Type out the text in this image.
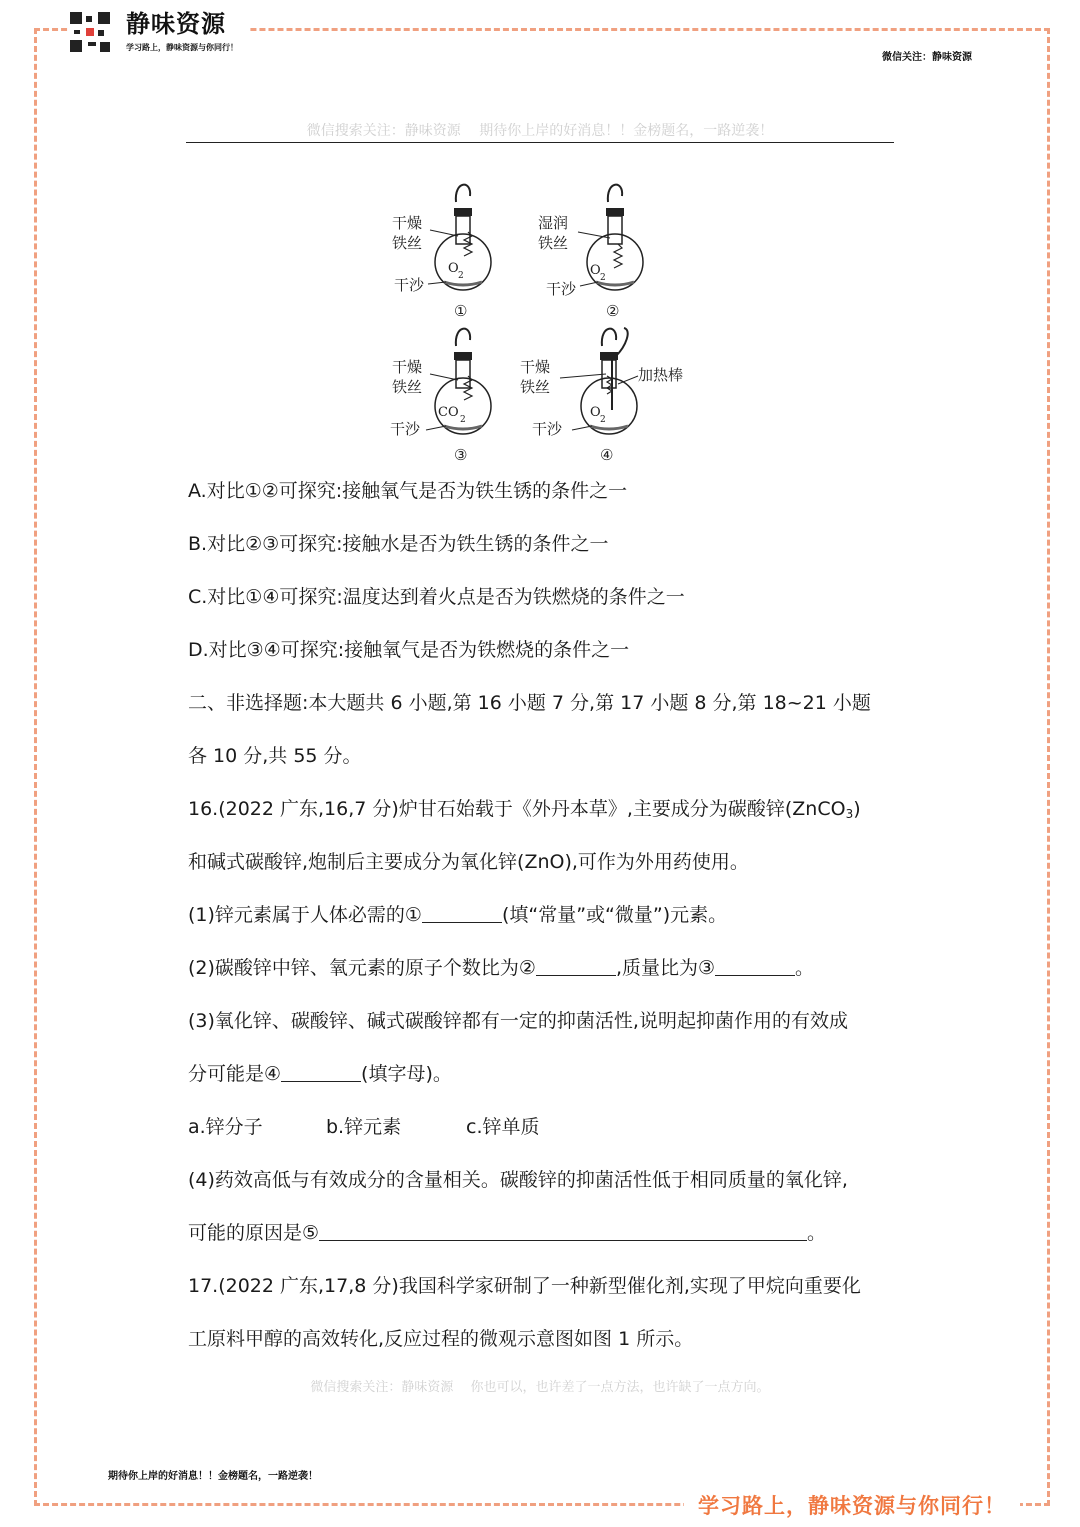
静味资源
学习路上，静味资源与你同行！
微信关注：静味资源
微信搜索关注：静味资源　 期待你上岸的好消息！！金榜题名，一路逆袭！
干燥
铁丝
O 2
干沙
①
湿润
铁丝
O 2
干沙
②
干燥
铁丝
CO 2
干沙
③
干燥
铁丝
加热棒
O 2
干沙
④
A.对比①②可探究:接触氧气是否为铁生锈的条件之一
B.对比②③可探究:接触水是否为铁生锈的条件之一
C.对比①④可探究:温度达到着火点是否为铁燃烧的条件之一
D.对比③④可探究:接触氧气是否为铁燃烧的条件之一
二、非选择题:本大题共 6 小题,第 16 小题 7 分,第 17 小题 8 分,第 18~21 小题
各 10 分,共 55 分。
16.(2022 广东,16,7 分)炉甘石始载于《外丹本草》,主要成分为碳酸锌(ZnCO$_3$)
和碱式碳酸锌,炮制后主要成分为氧化锌(ZnO),可作为外用药使用。
(1)锌元素属于人体必需的①	(填“常量”或“微量”)元素。
(2)碳酸锌中锌、氧元素的原子个数比为②	,质量比为③	。
(3)氧化锌、碳酸锌、碱式碳酸锌都有一定的抑菌活性,说明起抑菌作用的有效成
分可能是④	(填字母)。
a.锌分子	b.锌元素	c.锌单质
(4)药效高低与有效成分的含量相关。碳酸锌的抑菌活性低于相同质量的氧化锌,
可能的原因是⑤	。
17.(2022 广东,17,8 分)我国科学家研制了一种新型催化剂,实现了甲烷向重要化
工原料甲醇的高效转化,反应过程的微观示意图如图 1 所示。
微信搜索关注：静味资源　 你也可以，也许差了一点方法，也许缺了一点方向。
期待你上岸的好消息！！金榜题名，一路逆袭！
学习路上，静味资源与你同行！
